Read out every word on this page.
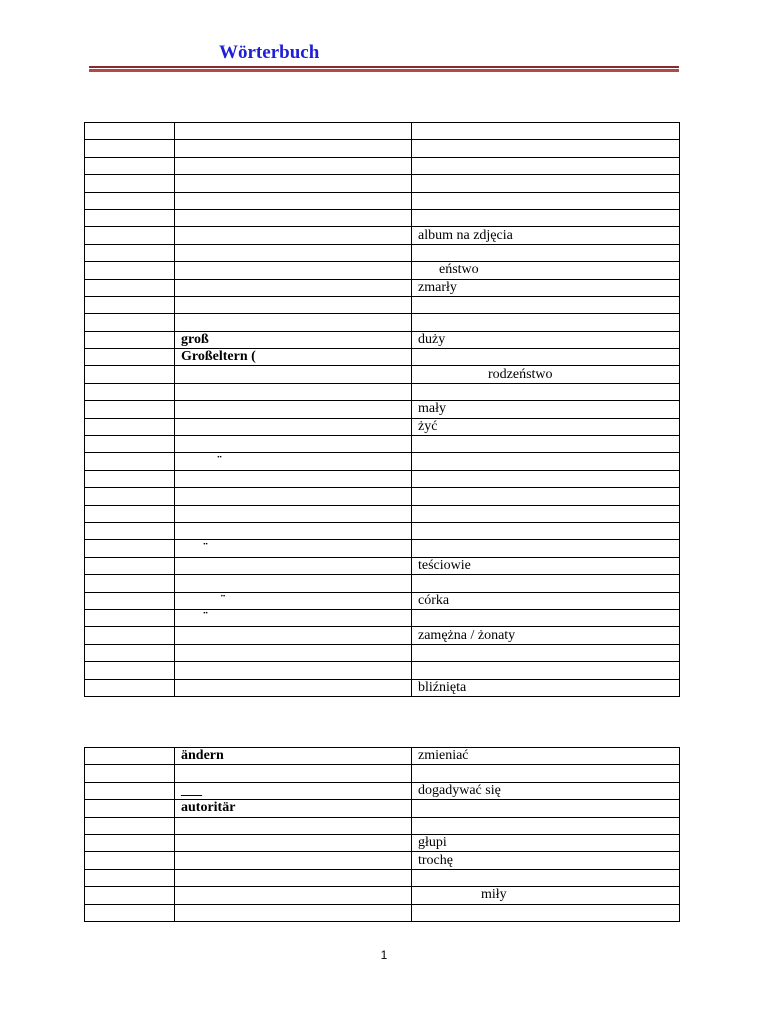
Wörterbuch

		album na zdjęcia

		eństwo
		zmarły

	groß	duży
	Großeltern (	
		rodzeństwo

		mały
		żyć

	̈	

	̈	
		teściowie

	̈	córka
	̈	
		zamężna / żonaty

		bliźnięta
	ändern	zmieniać

	___	dogadywać się
	autoritär	

		głupi
		trochę

		miły

1
